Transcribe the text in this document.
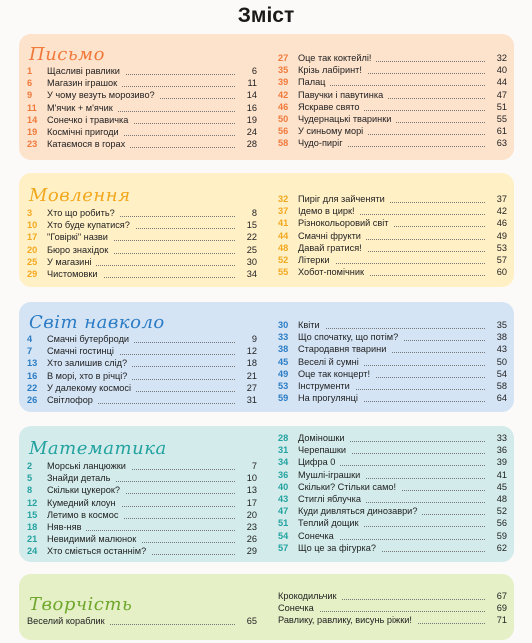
Зміст
Письмо
1 Щасливі равлики	6
6 Магазин іграшок	11
9 У чому везуть морозиво?	14
11 М'ячик + м'ячик	16
14 Сонечко і травичка	19
19 Космічні пригоди	24
23 Катаємося в горах	28
27 Оце так коктейлі!	32
35 Крізь лабіринт!	40
39 Палац	44
42 Павучки і павутинка	47
46 Яскраве свято	51
50 Чудернацькі тваринки	55
56 У синьому морі	61
58 Чудо-пиріг	63
Мовлення
3 Хто що робить?	8
10 Хто буде купатися?	15
17 "Говіркі" назви	22
20 Бюро знахідок	25
25 У магазині	30
29 Чистомовки	34
32 Пиріг для зайченяти	37
37 Ідемо в цирк!	42
41 Різнокольоровий світ	46
44 Смачні фрукти	49
48 Давай гратися!	53
52 Літерки	57
55 Хобот-помічник	60
Світ навколо
4 Смачні бутерброди	9
7 Смачні гостинці	12
13 Хто залишив слід?	18
16 В морі, хто в річці?	21
22 У далекому космосі	27
26 Світлофор	31
30 Квіти	35
33 Що спочатку, що потім?	38
38 Стародавня тварини	43
45 Веселі й сумні	50
49 Оце так концерт!	54
53 Інструменти	58
59 На прогулянці	64
Математика
2 Морські ланцюжки	7
5 Знайди деталь	10
8 Скільки цукерок?	13
12 Кумедний клоун	17
15 Летимо в космос	20
18 Няв-няв	23
21 Невидимий малюнок	26
24 Хто сміється останнім?	29
28 Доміношки	33
31 Черепашки	36
34 Цифра 0	39
36 Мушлі-іграшки	41
40 Скільки? Стільки само!	45
43 Стиглі яблучка	48
47 Куди дивляться динозаври?	52
51 Теплий дощик	56
54 Сонечка	59
57 Що це за фігурка?	62
Творчість
Веселий кораблик	65
Крокодильчик	67
Сонечка	69
Равлику, равлику, висунь ріжки!	71
